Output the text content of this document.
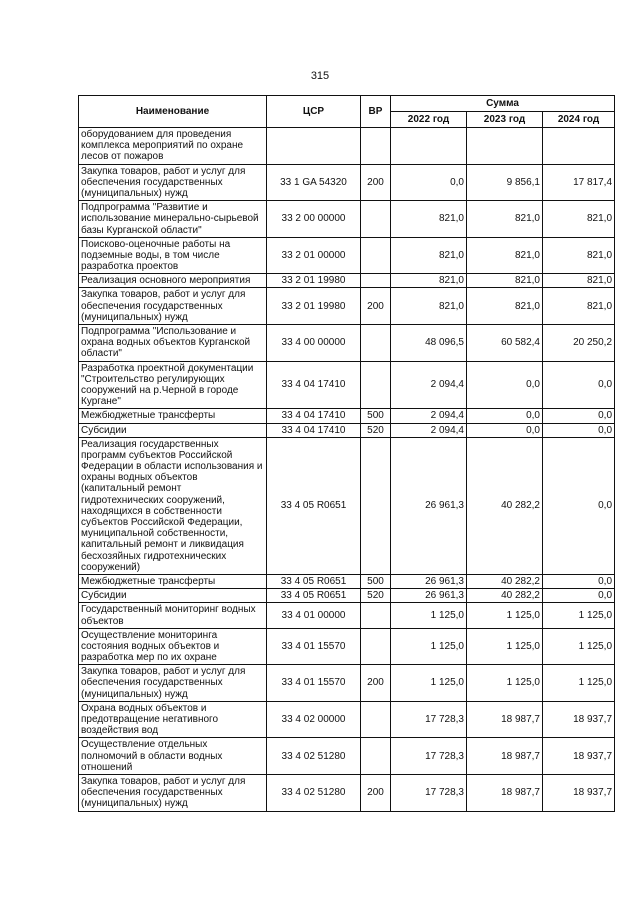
315
Наименование	ЦСР	ВР	Сумма		
			2022 год	2023 год	2024 год
оборудованием для проведения комплекса мероприятий по охране лесов от пожаров					
Закупка товаров, работ и услуг для обеспечения государственных (муниципальных) нужд	33 1 GA 54320	200	0,0	9 856,1	17 817,4
Подпрограмма "Развитие и использование минерально-сырьевой базы Курганской области"	33 2 00 00000		821,0	821,0	821,0
Поисково-оценочные работы на подземные воды, в том числе разработка проектов	33 2 01 00000		821,0	821,0	821,0
Реализация основного мероприятия	33 2 01 19980		821,0	821,0	821,0
Закупка товаров, работ и услуг для обеспечения государственных (муниципальных) нужд	33 2 01 19980	200	821,0	821,0	821,0
Подпрограмма "Использование и охрана водных объектов Курганской области"	33 4 00 00000		48 096,5	60 582,4	20 250,2
Разработка проектной документации "Строительство регулирующих сооружений на р.Черной в городе Кургане"	33 4 04 17410		2 094,4	0,0	0,0
Межбюджетные трансферты	33 4 04 17410	500	2 094,4	0,0	0,0
Субсидии	33 4 04 17410	520	2 094,4	0,0	0,0
Реализация государственных программ субъектов Российской Федерации в области использования и охраны водных объектов (капитальный ремонт гидротехнических сооружений, находящихся в собственности субъектов Российской Федерации, муниципальной собственности, капитальный ремонт и ликвидация бесхозяйных гидротехнических сооружений)	33 4 05 R0651		26 961,3	40 282,2	0,0
Межбюджетные трансферты	33 4 05 R0651	500	26 961,3	40 282,2	0,0
Субсидии	33 4 05 R0651	520	26 961,3	40 282,2	0,0
Государственный мониторинг водных объектов	33 4 01 00000		1 125,0	1 125,0	1 125,0
Осуществление мониторинга состояния водных объектов и разработка мер по их охране	33 4 01 15570		1 125,0	1 125,0	1 125,0
Закупка товаров, работ и услуг для обеспечения государственных (муниципальных) нужд	33 4 01 15570	200	1 125,0	1 125,0	1 125,0
Охрана водных объектов и предотвращение негативного воздействия вод	33 4 02 00000		17 728,3	18 987,7	18 937,7
Осуществление отдельных полномочий в области водных отношений	33 4 02 51280		17 728,3	18 987,7	18 937,7
Закупка товаров, работ и услуг для обеспечения государственных (муниципальных) нужд	33 4 02 51280	200	17 728,3	18 987,7	18 937,7
